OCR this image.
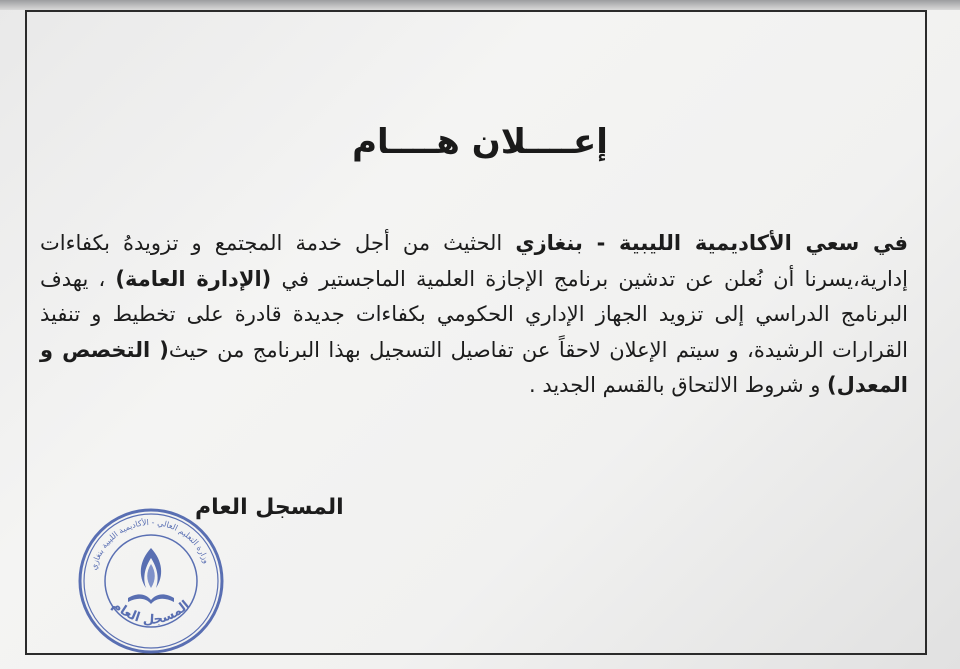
إعــــلان هــــام
في سعي الأكاديمية الليبية - بنغازي الحثيث من أجل خدمة المجتمع و تزويدهُ بكفاءات إدارية،يسرنا أن نُعلن عن تدشين برنامج الإجازة العلمية الماجستير في (الإدارة العامة) ، يهدف البرنامج الدراسي إلى تزويد الجهاز الإداري الحكومي بكفاءات جديدة قادرة على تخطيط و تنفيذ القرارات الرشيدة، و سيتم الإعلان لاحقاً عن تفاصيل التسجيل بهذا البرنامج من حيث( التخصص و المعدل) و شروط الالتحاق بالقسم الجديد .
المسجل العام
وزارة التعليم العالي - الأكاديمية الليبية بنغازي
المسجل العام
